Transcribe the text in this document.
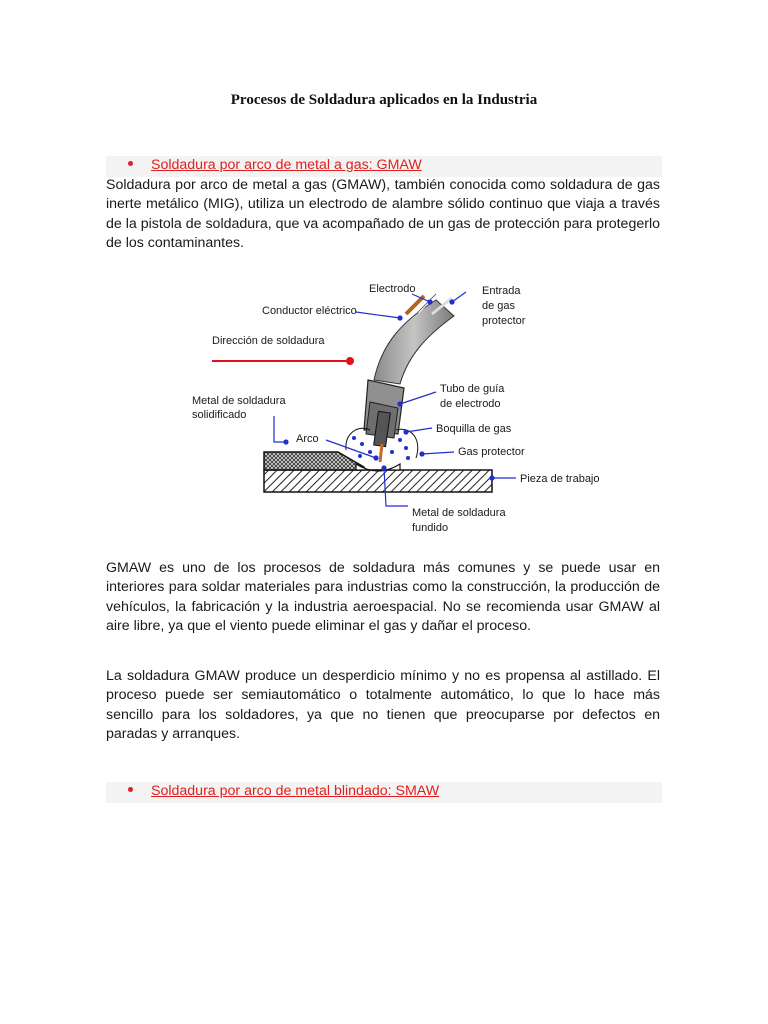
Procesos de Soldadura aplicados en la Industria
Soldadura por arco de metal a gas: GMAW

Soldadura por arco de metal a gas (GMAW), también conocida como soldadura de gas inerte metálico (MIG), utiliza un electrodo de alambre sólido continuo que viaja a través de la pistola de soldadura, que va acompañado de un gas de protección para protegerlo de los contaminantes.

Electrodo	Entrada
de gas
protector
Conductor eléctrico
Dirección de soldadura
Metal de soldadura
solidificado
Tubo de guía
de electrodo
Boquilla de gas
Arco
Gas protector
Pieza de trabajo
Metal de soldadura
fundido

GMAW es uno de los procesos de soldadura más comunes y se puede usar en interiores para soldar materiales para industrias como la construcción, la producción de vehículos, la fabricación y la industria aeroespacial. No se recomienda usar GMAW al aire libre, ya que el viento puede eliminar el gas y dañar el proceso.

La soldadura GMAW produce un desperdicio mínimo y no es propensa al astillado. El proceso puede ser semiautomático o totalmente automático, lo que lo hace más sencillo para los soldadores, ya que no tienen que preocuparse por defectos en paradas y arranques.

Soldadura por arco de metal blindado: SMAW
